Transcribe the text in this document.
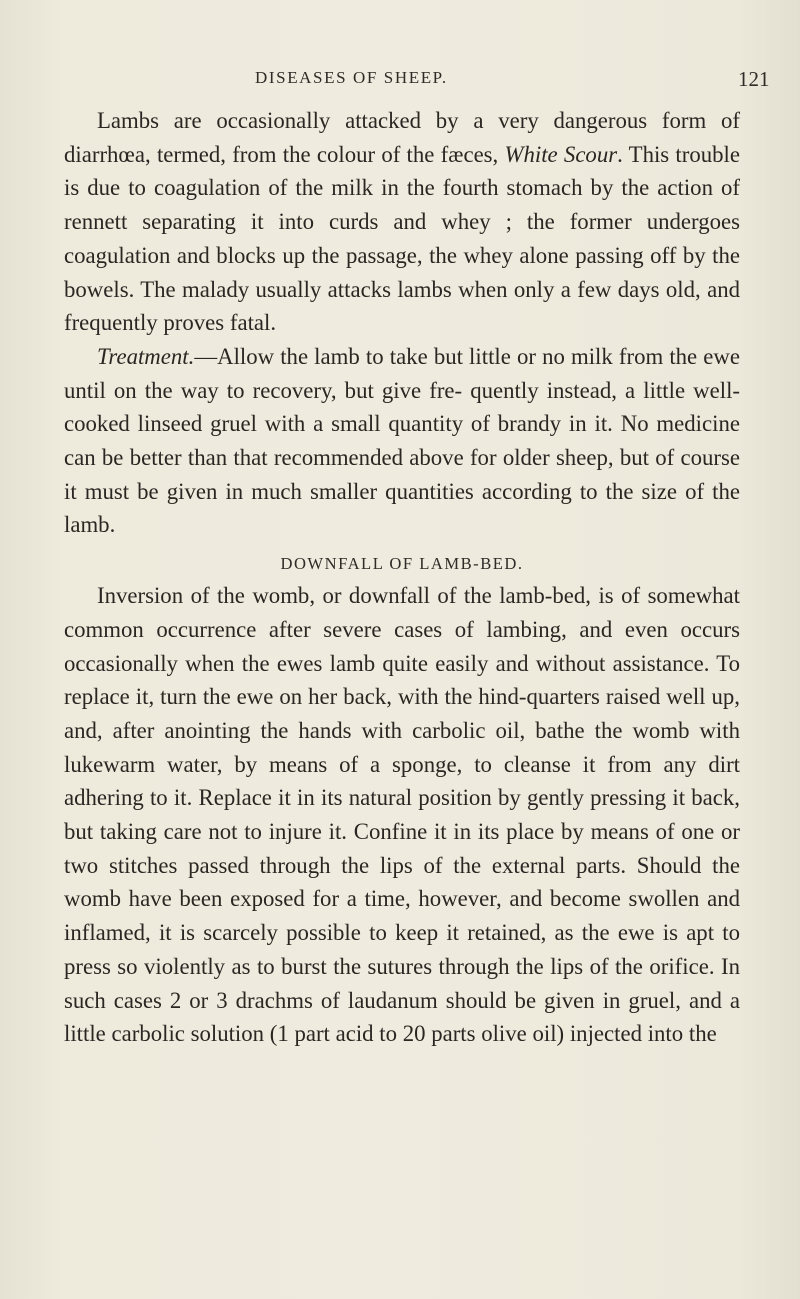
DISEASES OF SHEEP.	121

Lambs are occasionally attacked by a very dangerous form of diarrhœa, termed, from the colour of the fæces, White Scour. This trouble is due to coagulation of the milk in the fourth stomach by the action of rennett separating it into curds and whey ; the former undergoes coagulation and blocks up the passage, the whey alone passing off by the bowels. The malady usually attacks lambs when only a few days old, and frequently proves fatal.

Treatment.—Allow the lamb to take but little or no milk from the ewe until on the way to recovery, but give fre- quently instead, a little well-cooked linseed gruel with a small quantity of brandy in it. No medicine can be better than that recommended above for older sheep, but of course it must be given in much smaller quantities according to the size of the lamb.

DOWNFALL OF LAMB-BED.

Inversion of the womb, or downfall of the lamb-bed, is of somewhat common occurrence after severe cases of lambing, and even occurs occasionally when the ewes lamb quite easily and without assistance. To replace it, turn the ewe on her back, with the hind-quarters raised well up, and, after anointing the hands with carbolic oil, bathe the womb with lukewarm water, by means of a sponge, to cleanse it from any dirt adhering to it. Replace it in its natural position by gently pressing it back, but taking care not to injure it. Confine it in its place by means of one or two stitches passed through the lips of the external parts. Should the womb have been exposed for a time, however, and become swollen and inflamed, it is scarcely possible to keep it retained, as the ewe is apt to press so violently as to burst the sutures through the lips of the orifice. In such cases 2 or 3 drachms of laudanum should be given in gruel, and a little carbolic solution (1 part acid to 20 parts olive oil) injected into the
